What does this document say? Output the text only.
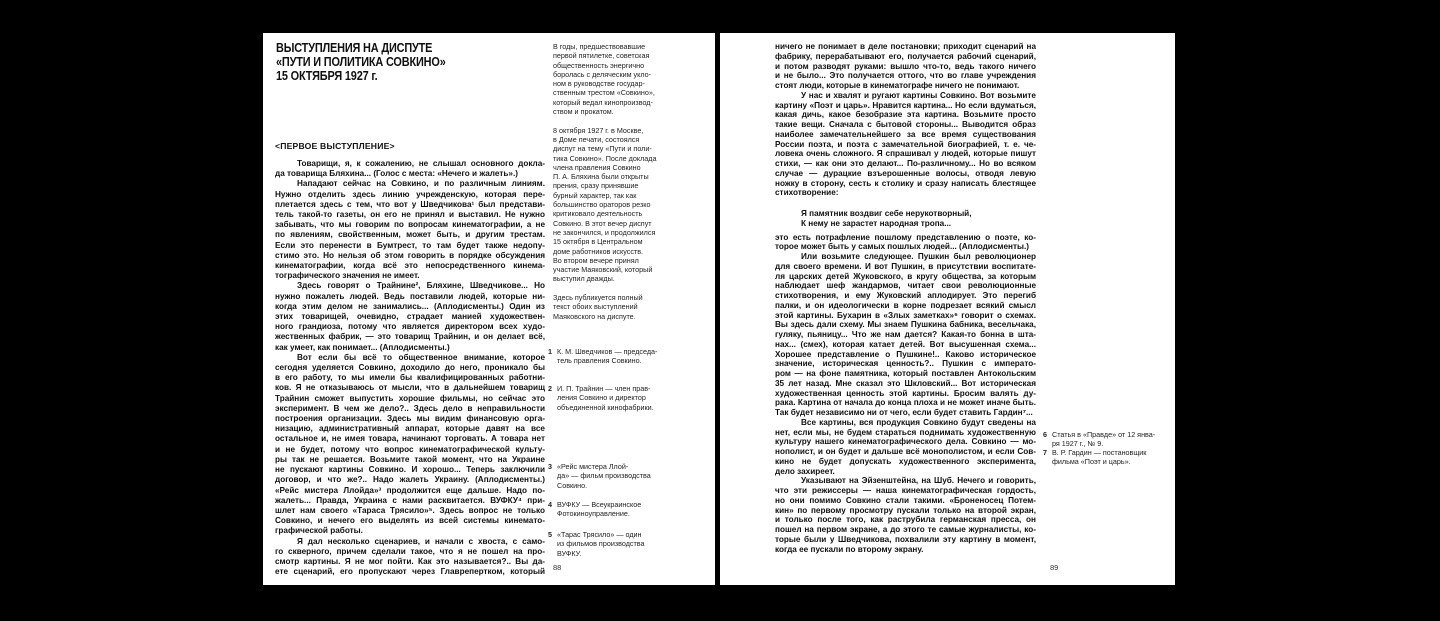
ВЫСТУПЛЕНИЯ НА ДИСПУТЕ
«ПУТИ И ПОЛИТИКА СОВКИНО»
15 ОКТЯБРЯ 1927 г.
<ПЕРВОЕ ВЫСТУПЛЕНИЕ>
Товарищи, я, к сожалению, не слышал основного докла-
да товарища Бляхина... (Голос с места: «Нечего и жалеть».)
Нападают сейчас на Совкино, и по различным линиям.
Нужно отделить здесь линию учрежденскую, которая пере-
плетается здесь с тем, что вот у Шведчикова¹ был представи-
тель такой-то газеты, он его не принял и выставил. Не нужно
забывать, что мы говорим по вопросам кинематографии, а не
по явлениям, свойственным, может быть, и другим трестам.
Если это перенести в Бумтрест, то там будет также недопу-
стимо это. Но нельзя об этом говорить в порядке обсуждения
кинематографии, когда всё это непосредственного кинема-
тографического значения не имеет.
Здесь говорят о Трайнине², Бляхине, Шведчикове... Но
нужно пожалеть людей. Ведь поставили людей, которые ни-
когда этим делом не занимались... (Аплодисменты.) Один из
этих товарищей, очевидно, страдает манией художествен-
ного грандиоза, потому что является директором всех худо-
жественных фабрик, — это товарищ Трайнин, и он делает всё,
как умеет, как понимает... (Аплодисменты.)
Вот если бы всё то общественное внимание, которое
сегодня уделяется Совкино, доходило до него, проникало бы
в его работу, то мы имели бы квалифицированных работни-
ков. Я не отказываюсь от мысли, что в дальнейшем товарищ
Трайнин сможет выпустить хорошие фильмы, но сейчас это
эксперимент. В чем же дело?.. Здесь дело в неправильности
построения организации. Здесь мы видим финансовую орга-
низацию, административный аппарат, которые давят на все
остальное и, не имея товара, начинают торговать. А товара нет
и не будет, потому что вопрос кинематографической культу-
ры так не решается. Возьмите такой момент, что на Украине
не пускают картины Совкино. И хорошо... Теперь заключили
договор, и что же?.. Надо жалеть Украину. (Аплодисменты.)
«Рейс мистера Ллойда»³ продолжится еще дальше. Надо по-
жалеть... Правда, Украина с нами расквитается. ВУФКУ⁴ при-
шлет нам своего «Тараса Трясило»⁵. Здесь вопрос не только
Совкино, и нечего его выделять из всей системы кинемато-
графической работы.
Я дал несколько сценариев, и начали с хвоста, с само-
го скверного, причем сделали такое, что я не пошел на про-
смотр картины. Я не мог пойти. Как это называется?.. Вы да-
ете сценарий, его пропускают через Главрепертком, который
В годы, предшествовавшие
первой пятилетке, советская
общественность энергично
боролась с деляческим укло-
ном в руководстве государ-
ственным трестом «Совкино»,
который ведал кинопроизвод-
ством и прокатом.
8 октября 1927 г. в Москве,
в Доме печати, состоялся
диспут на тему «Пути и поли-
тика Совкино». После доклада
члена правления Совкино
П. А. Бляхина были открыты
прения, сразу принявшие
бурный характер, так как
большинство ораторов резко
критиковало деятельность
Совкино. В этот вечер диспут
не закончился, и продолжился
15 октября в Центральном
доме работников искусств.
Во втором вечере принял
участие Маяковский, который
выступил дважды.
Здесь публикуется полный
текст обоих выступлений
Маяковского на диспуте.
1 К. М. Шведчиков — председа-
тель правления Совкино.
2 И. П. Трайнин — член прав-
ления Совкино и директор
объединенной кинофабрики.
3 «Рейс мистера Ллой-
да» — фильм производства
Совкино.
4 ВУФКУ — Всеукраинское
Фотокиноуправление.
5 «Тарас Трясило» — один
из фильмов производства
ВУФКУ.
88
ничего не понимает в деле постановки; приходит сценарий на
фабрику, перерабатывают его, получается рабочий сценарий,
и потом разводят руками: вышло что-то, ведь такого ничего
и не было... Это получается оттого, что во главе учреждения
стоят люди, которые в кинематографе ничего не понимают.
У нас и хвалят и ругают картины Совкино. Вот возьмите
картину «Поэт и царь». Нравится картина... Но если вдуматься,
какая дичь, какое безобразие эта картина. Возьмите просто
такие вещи. Сначала с бытовой стороны... Выводится образ
наиболее замечательнейшего за все время существования
России поэта, и поэта с замечательной биографией, т. е. че-
ловека очень сложного. Я спрашивал у людей, которые пишут
стихи, — как они это делают... По-различному... Но во всяком
случае — дурацкие взъерошенные волосы, отводя левую
ножку в сторону, сесть к столику и сразу написать блестящее
стихотворение:
Я памятник воздвиг себе нерукотворный,
К нему не зарастет народная тропа...
это есть потрафление пошлому представлению о поэте, ко-
торое может быть у самых пошлых людей... (Аплодисменты.)
Или возьмите следующее. Пушкин был революционер
для своего времени. И вот Пушкин, в присутствии воспитате-
ля царских детей Жуковского, в кругу общества, за которым
наблюдает шеф жандармов, читает свои революционные
стихотворения, и ему Жуковский аплодирует. Это перегиб
палки, и он идеологически в корне подрезает всякий смысл
этой картины. Бухарин в «Злых заметках»⁶ говорит о схемах.
Вы здесь дали схему. Мы знаем Пушкина бабника, весельчака,
гуляку, пьяницу... Что же нам дается? Какая-то бонна в шта-
нах... (смех), которая катает детей. Вот высушенная схема...
Хорошее представление о Пушкине!.. Каково историческое
значение, историческая ценность?.. Пушкин с императо-
ром — на фоне памятника, который поставлен Антокольским
35 лет назад. Мне сказал это Шкловский... Вот историческая
художественная ценность этой картины. Бросим валять ду-
рака. Картина от начала до конца плоха и не может иначе быть.
Так будет независимо ни от чего, если будет ставить Гардин⁷...
Все картины, вся продукция Совкино будут сведены на
нет, если мы, не будем стараться поднимать художественную
культуру нашего кинематографического дела. Совкино — мо-
нополист, и он будет и дальше всё монополистом, и если Сов-
кино не будет допускать художественного эксперимента,
дело захиреет.
Указывают на Эйзенштейна, на Шуб. Нечего и говорить,
что эти режиссеры — наша кинематографическая гордость,
но они помимо Совкино стали такими. «Броненосец Потем-
кин» по первому просмотру пускали только на второй экран,
и только после того, как раструбила германская пресса, он
пошел на первом экране, а до этого те самые журналисты, ко-
торые были у Шведчикова, похвалили эту картину в момент,
когда ее пускали по второму экрану.
6 Статья в «Правде» от 12 янва-
ря 1927 г., № 9.
7 В. Р. Гардин — постановщик
фильма «Поэт и царь».
89
